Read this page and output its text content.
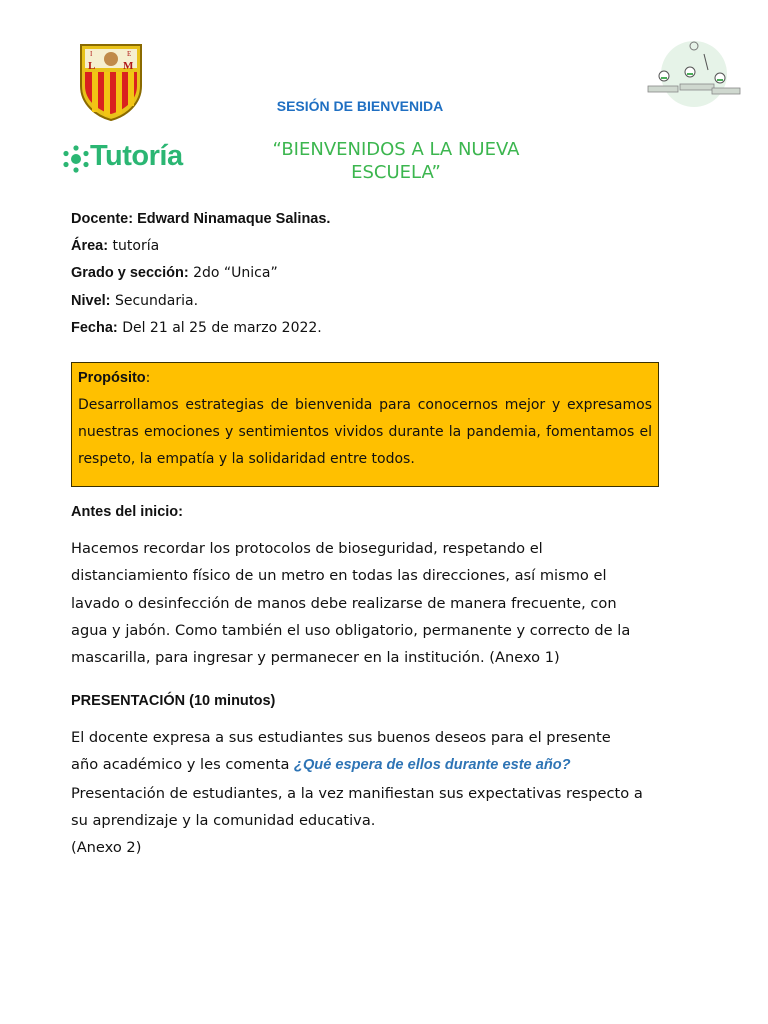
I	E
L	M
SESIÓN DE BIENVENIDA
“BIENVENIDOS A LA NUEVA
ESCUELA”
Tutoría
Docente: Edward Ninamaque Salinas.
Área: tutoría
Grado y sección: 2do “Unica”
Nivel: Secundaria.
Fecha: Del 21 al 25 de marzo 2022.
Propósito:
Desarrollamos estrategias de bienvenida para conocernos mejor y expresamos nuestras emociones y sentimientos vividos durante la pandemia, fomentamos el respeto, la empatía y la solidaridad entre todos.
Antes del inicio:
Hacemos recordar los protocolos de bioseguridad, respetando el
distanciamiento físico de un metro en todas las direcciones, así mismo el
lavado o desinfección de manos debe realizarse de manera frecuente, con
agua y jabón. Como también el uso obligatorio, permanente y correcto de la
mascarilla, para ingresar y permanecer en la institución. (Anexo 1)
PRESENTACIÓN (10 minutos)
El docente expresa a sus estudiantes sus buenos deseos para el presente
año académico y les comenta ¿Qué espera de ellos durante este año?
Presentación de estudiantes, a la vez manifiestan sus expectativas respecto a
su aprendizaje y la comunidad educativa.
(Anexo 2)
